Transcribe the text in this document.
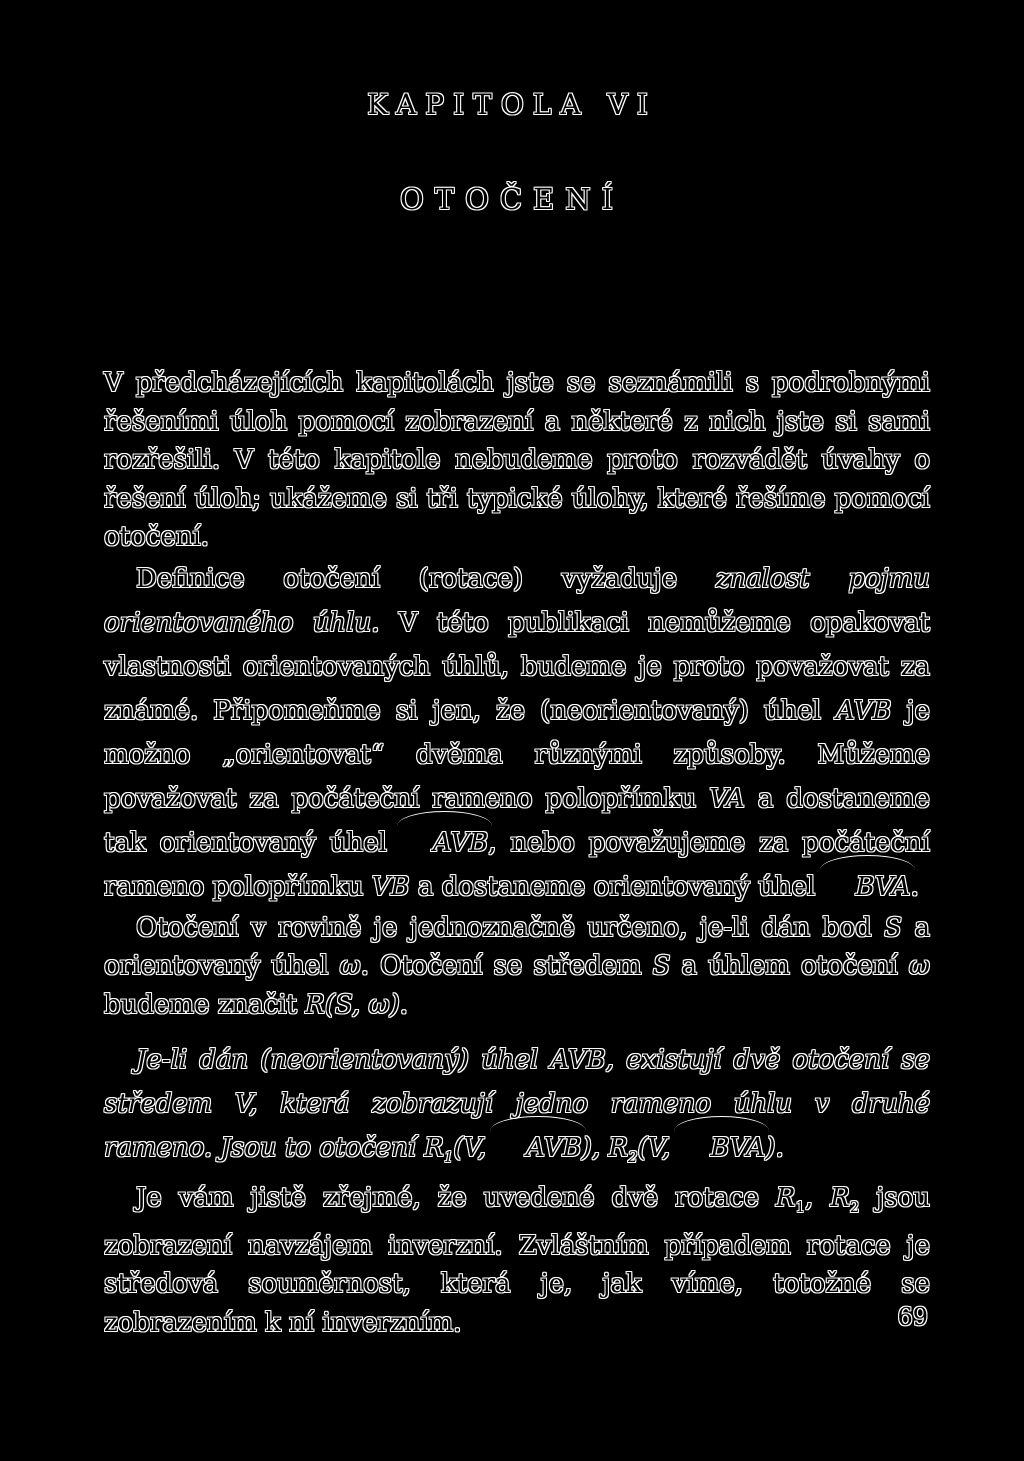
KAPITOLA VI
OTOČENÍ

V předcházejících kapitolách jste se seznámili s podrobnými řešeními úloh pomocí zobrazení a některé z nich jste si sami rozřešili. V této kapitole nebudeme proto rozvádět úvahy o řešení úloh; ukážeme si tři typické úlohy, které řešíme pomocí otočení.

Definice otočení (rotace) vyžaduje znalost pojmu orientovaného úhlu. V této publikaci nemůžeme opakovat vlastnosti orientovaných úhlů, budeme je proto považovat za známé. Připomeňme si jen, že (neorientovaný) úhel AVB je možno „orientovat“ dvěma různými způsoby. Můžeme považovat za počáteční rameno polopřímku VA a dostaneme tak orientovaný úhel AVB, nebo považujeme za počáteční rameno polopřímku VB a dostaneme orientovaný úhel BVA.

Otočení v rovině je jednoznačně určeno, je-li dán bod S a orientovaný úhel ω. Otočení se středem S a úhlem otočení ω budeme značit R(S, ω).

Je-li dán (neorientovaný) úhel AVB, existují dvě otočení se středem V, která zobrazují jedno rameno úhlu v druhé rameno. Jsou to otočení $R_1(V$, AVB), $R_2(V$, BVA).

Je vám jistě zřejmé, že uvedené dvě rotace $R_1$, $R_2$ jsou zobrazení navzájem inverzní. Zvláštním případem rotace je středová souměrnost, která je, jak víme, totožné se zobrazením k ní inverzním.	69
